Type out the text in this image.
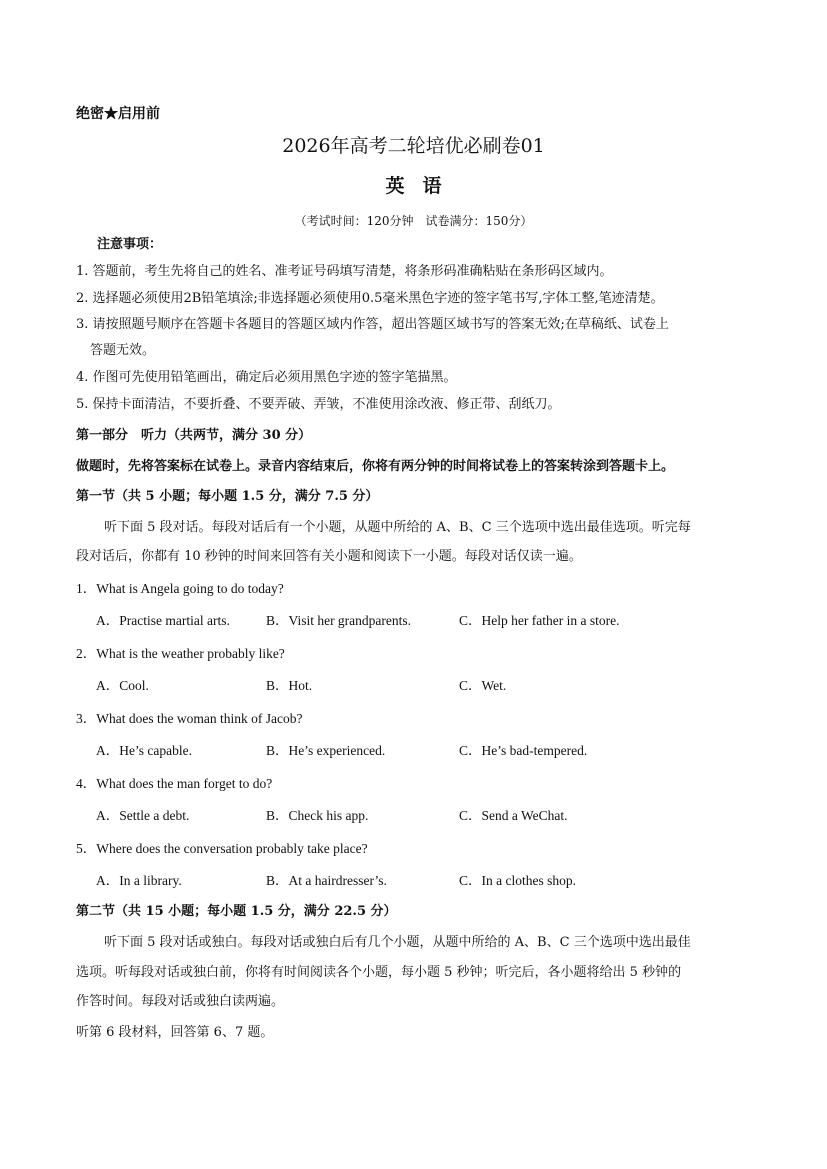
绝密★启用前
2026年高考二轮培优必刷卷01
英语
（考试时间：120分钟　试卷满分：150分）
注意事项：
1. 答题前，考生先将自己的姓名、准考证号码填写清楚，将条形码准确粘贴在条形码区域内。
2. 选择题必须使用2B铅笔填涂;非选择题必须使用0.5毫米黑色字迹的签字笔书写,字体工整,笔迹清楚。
3. 请按照题号顺序在答题卡各题目的答题区域内作答，超出答题区域书写的答案无效;在草稿纸、试卷上
答题无效。
4. 作图可先使用铅笔画出，确定后必须用黑色字迹的签字笔描黑。
5. 保持卡面清洁，不要折叠、不要弄破、弄皱，不准使用涂改液、修正带、刮纸刀。
第一部分　听力（共两节，满分 30 分）
做题时，先将答案标在试卷上。录音内容结束后，你将有两分钟的时间将试卷上的答案转涂到答题卡上。
第一节（共 5 小题；每小题 1.5 分，满分 7.5 分）
听下面 5 段对话。每段对话后有一个小题，从题中所给的 A、B、C 三个选项中选出最佳选项。听完每
段对话后，你都有 10 秒钟的时间来回答有关小题和阅读下一小题。每段对话仅读一遍。
1．What is Angela going to do today?
A．Practise martial arts.	B．Visit her grandparents.	C．Help her father in a store.
2．What is the weather probably like?
A．Cool.	B．Hot.	C．Wet.
3．What does the woman think of Jacob?
A．He’s capable.	B．He’s experienced.	C．He’s bad-tempered.
4．What does the man forget to do?
A．Settle a debt.	B．Check his app.	C．Send a WeChat.
5．Where does the conversation probably take place?
A．In a library.	B．At a hairdresser’s.	C．In a clothes shop.
第二节（共 15 小题；每小题 1.5 分，满分 22.5 分）
听下面 5 段对话或独白。每段对话或独白后有几个小题，从题中所给的 A、B、C 三个选项中选出最佳
选项。听每段对话或独白前，你将有时间阅读各个小题，每小题 5 秒钟；听完后，各小题将给出 5 秒钟的
作答时间。每段对话或独白读两遍。
听第 6 段材料，回答第 6、7 题。
